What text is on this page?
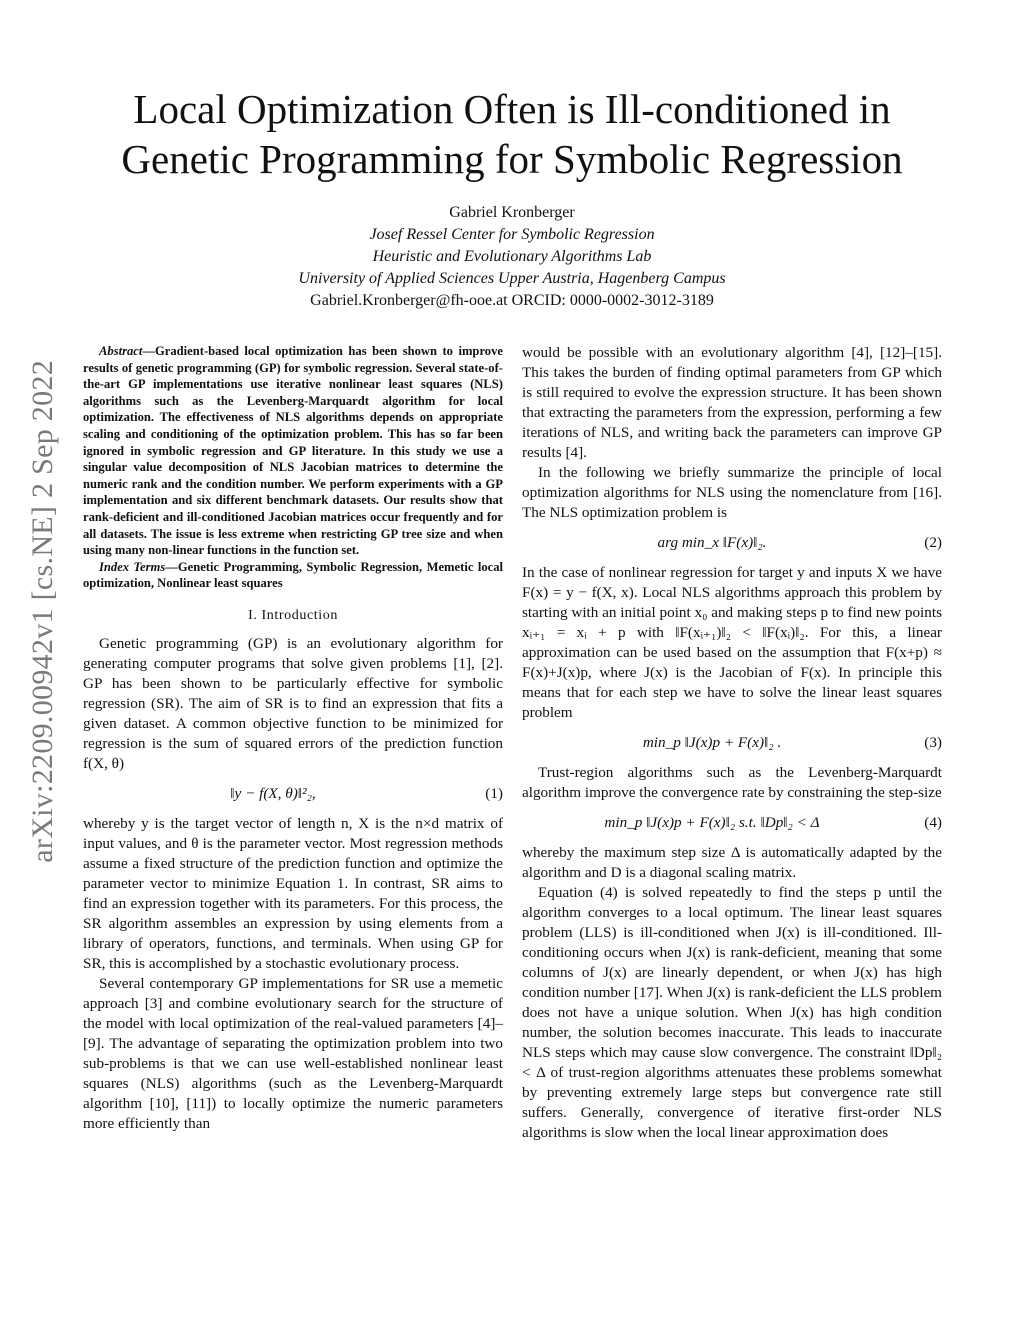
arXiv:2209.00942v1 [cs.NE] 2 Sep 2022
Local Optimization Often is Ill-conditioned in
Genetic Programming for Symbolic Regression
Gabriel Kronberger
Josef Ressel Center for Symbolic Regression
Heuristic and Evolutionary Algorithms Lab
University of Applied Sciences Upper Austria, Hagenberg Campus
Gabriel.Kronberger@fh-ooe.at ORCID: 0000-0002-3012-3189

Abstract—Gradient-based local optimization has been shown to improve results of genetic programming (GP) for symbolic regression. Several state-of-the-art GP implementations use iterative nonlinear least squares (NLS) algorithms such as the Levenberg-Marquardt algorithm for local optimization. The effectiveness of NLS algorithms depends on appropriate scaling and conditioning of the optimization problem. This has so far been ignored in symbolic regression and GP literature. In this study we use a singular value decomposition of NLS Jacobian matrices to determine the numeric rank and the condition number. We perform experiments with a GP implementation and six different benchmark datasets. Our results show that rank-deficient and ill-conditioned Jacobian matrices occur frequently and for all datasets. The issue is less extreme when restricting GP tree size and when using many non-linear functions in the function set.

Index Terms—Genetic Programming, Symbolic Regression, Memetic local optimization, Nonlinear least squares

I. Introduction

Genetic programming (GP) is an evolutionary algorithm for generating computer programs that solve given problems [1], [2]. GP has been shown to be particularly effective for symbolic regression (SR). The aim of SR is to find an expression that fits a given dataset. A common objective function to be minimized for regression is the sum of squared errors of the prediction function f(X, θ)

‖y − f(X, θ)‖²₂,	(1)

whereby y is the target vector of length n, X is the n×d matrix of input values, and θ is the parameter vector. Most regression methods assume a fixed structure of the prediction function and optimize the parameter vector to minimize Equation 1. In contrast, SR aims to find an expression together with its parameters. For this process, the SR algorithm assembles an expression by using elements from a library of operators, functions, and terminals. When using GP for SR, this is accomplished by a stochastic evolutionary process.

Several contemporary GP implementations for SR use a memetic approach [3] and combine evolutionary search for the structure of the model with local optimization of the real-valued parameters [4]–[9]. The advantage of separating the optimization problem into two sub-problems is that we can use well-established nonlinear least squares (NLS) algorithms (such as the Levenberg-Marquardt algorithm [10], [11]) to locally optimize the numeric parameters more efficiently than

would be possible with an evolutionary algorithm [4], [12]–[15]. This takes the burden of finding optimal parameters from GP which is still required to evolve the expression structure. It has been shown that extracting the parameters from the expression, performing a few iterations of NLS, and writing back the parameters can improve GP results [4].

In the following we briefly summarize the principle of local optimization algorithms for NLS using the nomenclature from [16]. The NLS optimization problem is

arg min_x ‖F(x)‖₂.	(2)

In the case of nonlinear regression for target y and inputs X we have F(x) = y − f(X, x). Local NLS algorithms approach this problem by starting with an initial point x₀ and making steps p to find new points xᵢ₊₁ = xᵢ + p with ‖F(xᵢ₊₁)‖₂ < ‖F(xᵢ)‖₂. For this, a linear approximation can be used based on the assumption that F(x+p) ≈ F(x)+J(x)p, where J(x) is the Jacobian of F(x). In principle this means that for each step we have to solve the linear least squares problem

min_p ‖J(x)p + F(x)‖₂ .	(3)

Trust-region algorithms such as the Levenberg-Marquardt algorithm improve the convergence rate by constraining the step-size

min_p ‖J(x)p + F(x)‖₂ s.t. ‖Dp‖₂ < Δ	(4)

whereby the maximum step size Δ is automatically adapted by the algorithm and D is a diagonal scaling matrix.

Equation (4) is solved repeatedly to find the steps p until the algorithm converges to a local optimum. The linear least squares problem (LLS) is ill-conditioned when J(x) is ill-conditioned. Ill-conditioning occurs when J(x) is rank-deficient, meaning that some columns of J(x) are linearly dependent, or when J(x) has high condition number [17]. When J(x) is rank-deficient the LLS problem does not have a unique solution. When J(x) has high condition number, the solution becomes inaccurate. This leads to inaccurate NLS steps which may cause slow convergence. The constraint ‖Dp‖₂ < Δ of trust-region algorithms attenuates these problems somewhat by preventing extremely large steps but convergence rate still suffers. Generally, convergence of iterative first-order NLS algorithms is slow when the local linear approximation does
